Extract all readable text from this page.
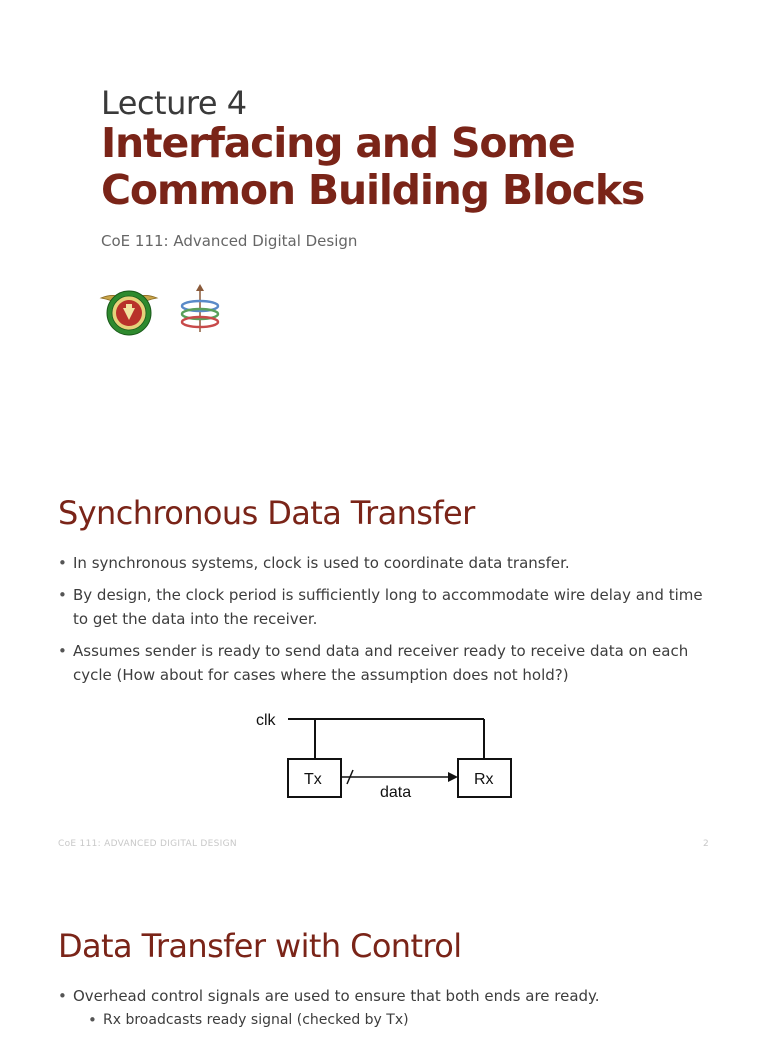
Lecture 4
Interfacing and Some
Common Building Blocks
CoE 111: Advanced Digital Design
Synchronous Data Transfer
• In synchronous systems, clock is used to coordinate data transfer.
• By design, the clock period is sufficiently long to accommodate wire delay and time to get the data into the receiver.
• Assumes sender is ready to send data and receiver ready to receive data on each cycle (How about for cases where the assumption does not hold?)
clk
Tx	Rx
data
CoE 111: ADVANCED DIGITAL DESIGN	2
Data Transfer with Control
• Overhead control signals are used to ensure that both ends are ready.
• Rx broadcasts ready signal (checked by Tx)
